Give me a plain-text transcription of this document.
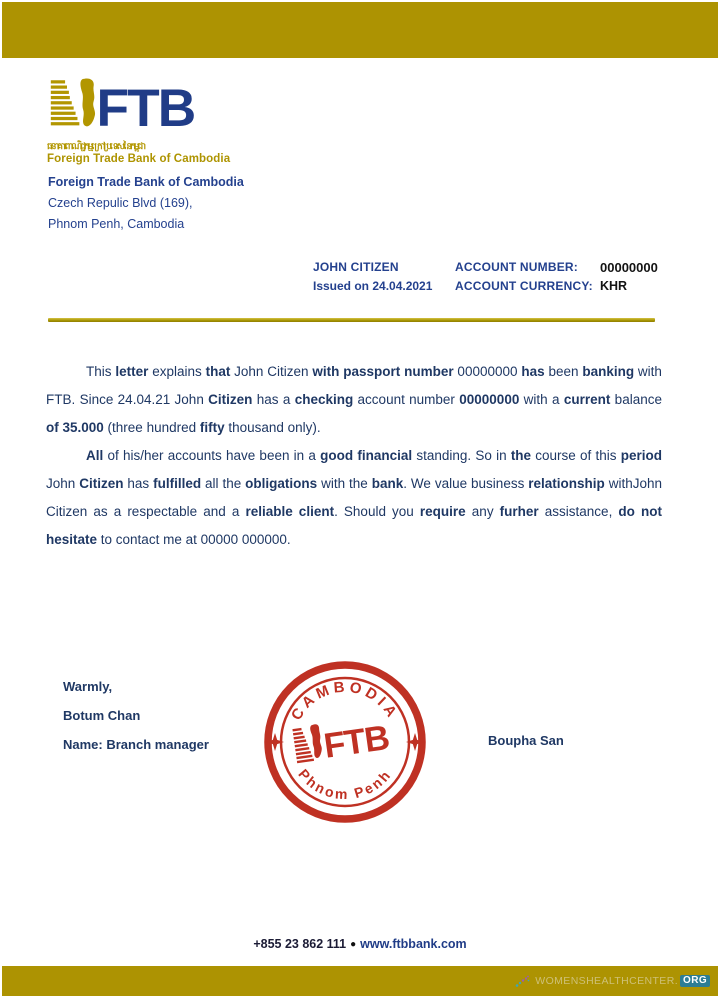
FTB
ធនាគារពាណិជ្ជកម្មក្រៅប្រទេស នៃកម្ពុជា
Foreign Trade Bank of Cambodia
Foreign Trade Bank of Cambodia
Czech Repulic Blvd (169),
Phnom Penh, Cambodia
JOHN CITIZEN	ACCOUNT NUMBER:	00000000
Issued on 24.04.2021	ACCOUNT CURRENCY: KHR

This letter explains that John Citizen with passport number 00000000 has been banking with FTB. Since 24.04.21 John Citizen has a checking account number 00000000 with a current balance of 35.000 (three hundred fifty thousand only).

All of his/her accounts have been in a good financial standing. So in the course of this period John Citizen has fulfilled all the obligations with the bank. We value business relationship withJohn Citizen as a respectable and a reliable client. Should you require any furher assistance, do not hesitate to contact me at 00000 000000.

Warmly,
Botum Chan
Name: Branch manager
CAMBODIA
Phnom Penh
FTB	Boupha San
+855 23 862 111 ● www.ftbbank.com
WOMENSHEALTHCENTER. ORG
